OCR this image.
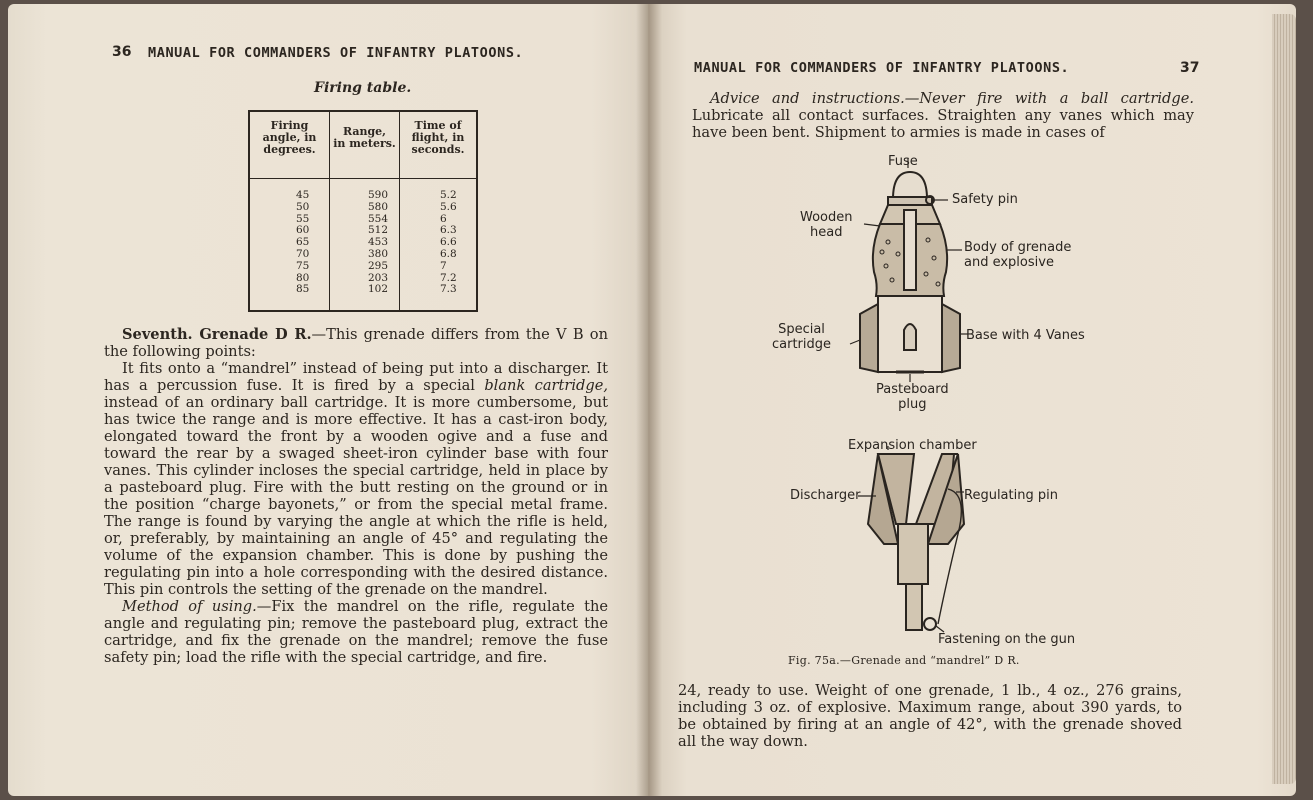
36 MANUAL FOR COMMANDERS OF INFANTRY PLATOONS.
Firing table.
Firing
angle, in
degrees.
45
50
55
60
65
70
75
80
85
Range,
in meters.
590
580
554
512
453
380
295
203
102
Time of
flight, in
seconds.
5.2
5.6
6
6.3
6.6
6.8
7
7.2
7.3

Seventh. Grenade D R.—This grenade differs from the V B on the following points:

It fits onto a “mandrel” instead of being put into a discharger. It has a percussion fuse. It is fired by a special blank cartridge, instead of an ordinary ball cartridge. It is more cumbersome, but has twice the range and is more effective. It has a cast-iron body, elongated toward the front by a wooden ogive and a fuse and toward the rear by a swaged sheet-iron cylinder base with four vanes. This cylinder incloses the special cartridge, held in place by a pasteboard plug. Fire with the butt resting on the ground or in the position “charge bayonets,” or from the special metal frame. The range is found by varying the angle at which the rifle is held, or, preferably, by maintaining an angle of 45° and regulating the volume of the expansion chamber. This is done by pushing the regulating pin into a hole corresponding with the desired distance. This pin controls the setting of the grenade on the mandrel.

Method of using.—Fix the mandrel on the rifle, regulate the angle and regulating pin; remove the pasteboard plug, extract the cartridge, and fix the grenade on the mandrel; remove the fuse safety pin; load the rifle with the special cartridge, and fire.

MANUAL FOR COMMANDERS OF INFANTRY PLATOONS.	37

Advice and instructions.—Never fire with a ball cartridge. Lubricate all contact surfaces. Straighten any vanes which may have been bent. Shipment to armies is made in cases of

Fuse
Safety pin
Wooden
head
Body of grenade
and explosive
Special
cartridge
Base with 4 Vanes
Pasteboard
plug
Expansion chamber
Discharger	Regulating pin
Fastening on the gun
Fig. 75a.—Grenade and “mandrel” D R.

24, ready to use. Weight of one grenade, 1 lb., 4 oz., 276 grains, including 3 oz. of explosive. Maximum range, about 390 yards, to be obtained by firing at an angle of 42°, with the grenade shoved all the way down.
